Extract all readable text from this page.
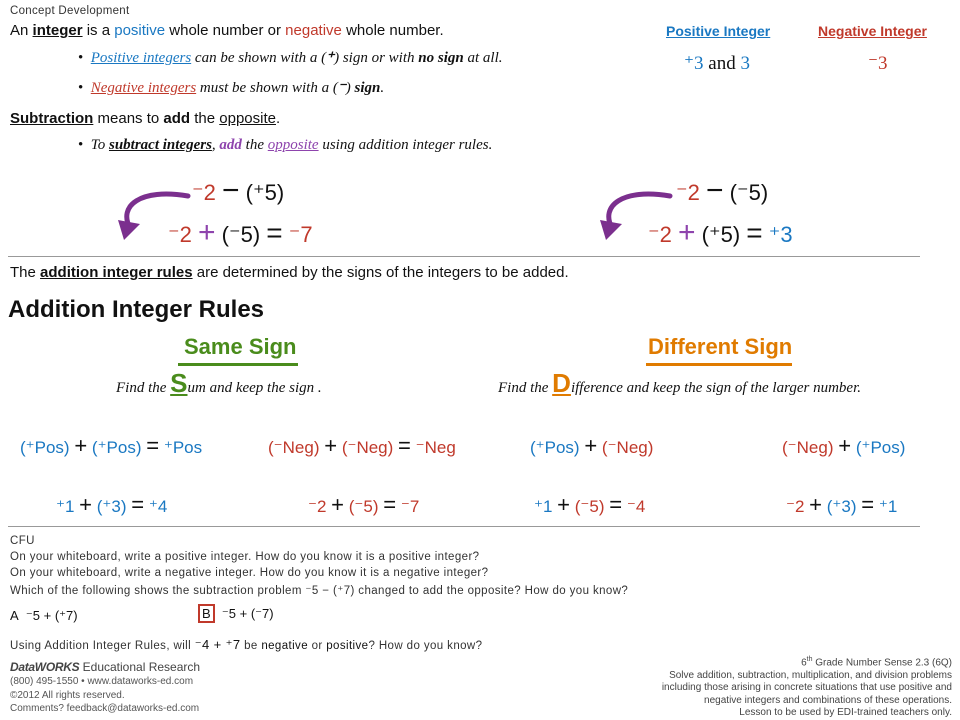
Concept Development
An integer is a positive whole number or negative whole number.
•  Positive integers can be shown with a (⁺) sign or with no sign at all.
•  Negative integers must be shown with a (⁻) sign.
Positive Integer	Negative Integer
⁺3 and 3	⁻3
Subtraction means to add the opposite.
•  To subtract integers, add the opposite using addition integer rules.
⁻2 − (⁺5)
⁻2 + (⁻5) = ⁻7
⁻2 − (⁻5)
⁻2 + (⁺5) = ⁺3
The addition integer rules are determined by the signs of the integers to be added.
Addition Integer Rules
Same Sign
Find the Sum and keep the sign .
Different Sign
Find the Difference and keep the sign of the larger number.
(⁺Pos) + (⁺Pos) = ⁺Pos	(⁻Neg) + (⁻Neg) = ⁻Neg	(⁺Pos) + (⁻Neg)	(⁻Neg) + (⁺Pos)
⁺1 + (⁺3) = ⁺4	⁻2 + (⁻5) = ⁻7	⁺1 + (⁻5) = ⁻4	⁻2 + (⁺3) = ⁺1
CFU
On your whiteboard, write a positive integer. How do you know it is a positive integer?
On your whiteboard, write a negative integer. How do you know it is a negative integer?
Which of the following shows the subtraction problem ⁻5 − (⁺7) changed to add the opposite? How do you know?
A ⁻5 + (⁺7)	B ⁻5 + (⁻7)
Using Addition Integer Rules, will ⁻4 + ⁺7 be negative or positive? How do you know?
DataWORKS Educational Research
(800) 495-1550 • www.dataworks-ed.com
©2012 All rights reserved.
Comments? feedback@dataworks-ed.com
6th Grade Number Sense 2.3 (6Q)
Solve addition, subtraction, multiplication, and division problems
including those arising in concrete situations that use positive and
negative integers and combinations of these operations.
Lesson to be used by EDI-trained teachers only.
